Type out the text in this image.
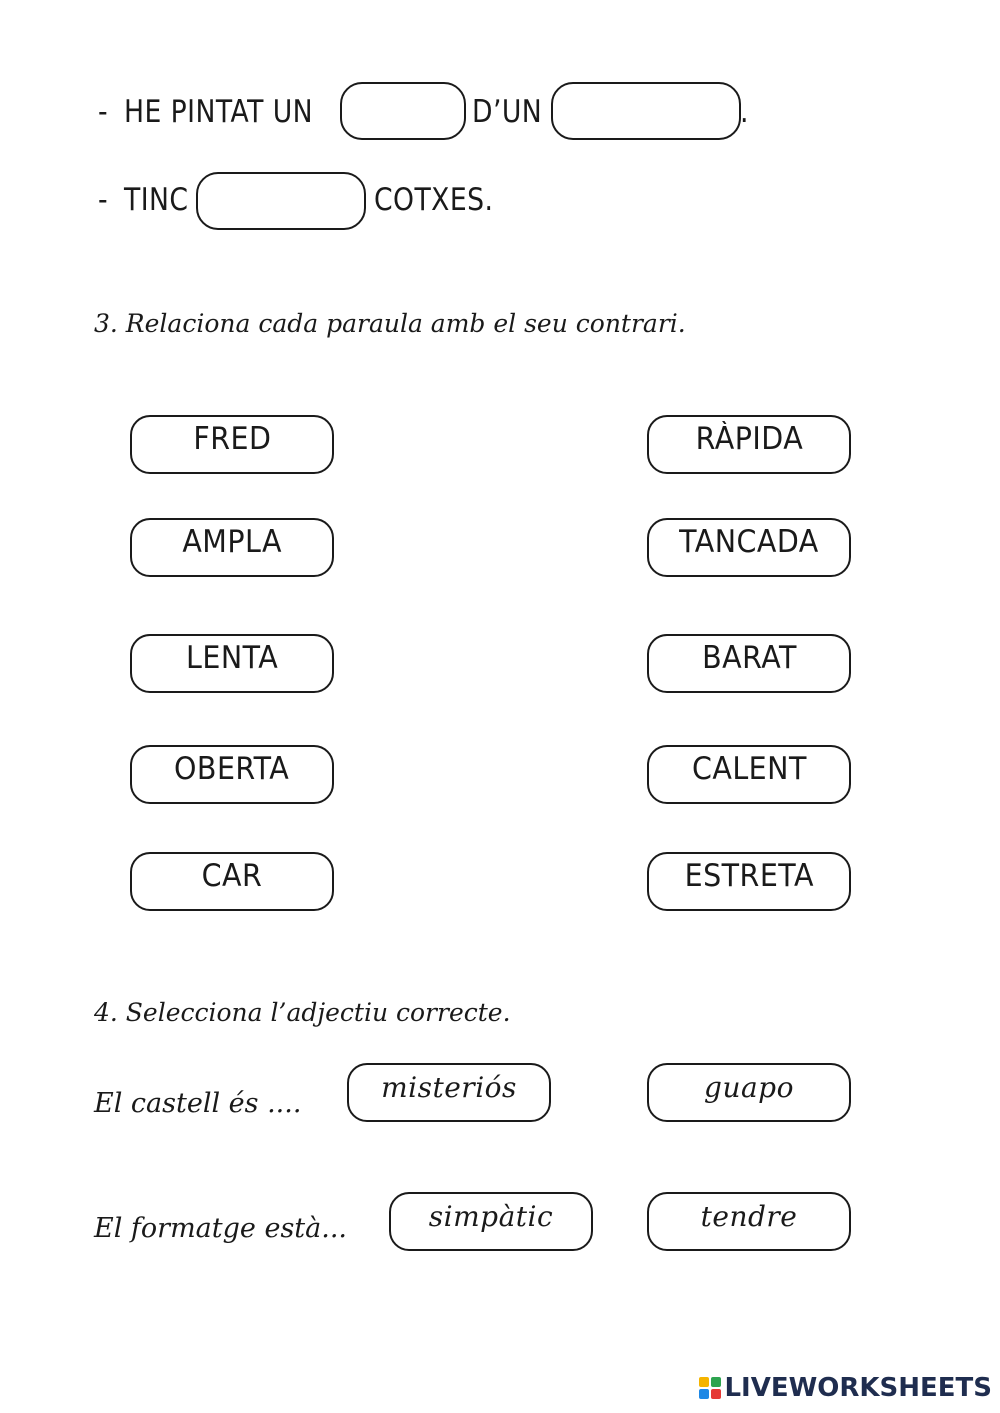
- HE PINTAT UN	D’UN	.
- TINC	COTXES.
3. Relaciona cada paraula amb el seu contrari.
FRED
AMPLA
LENTA
OBERTA
CAR
RÀPIDA
TANCADA
BARAT
CALENT
ESTRETA
4. Selecciona l’adjectiu correcte.
El castell és ....	misteriós	guapo
El formatge està...	simpàtic	tendre
LIVEWORKSHEETS
